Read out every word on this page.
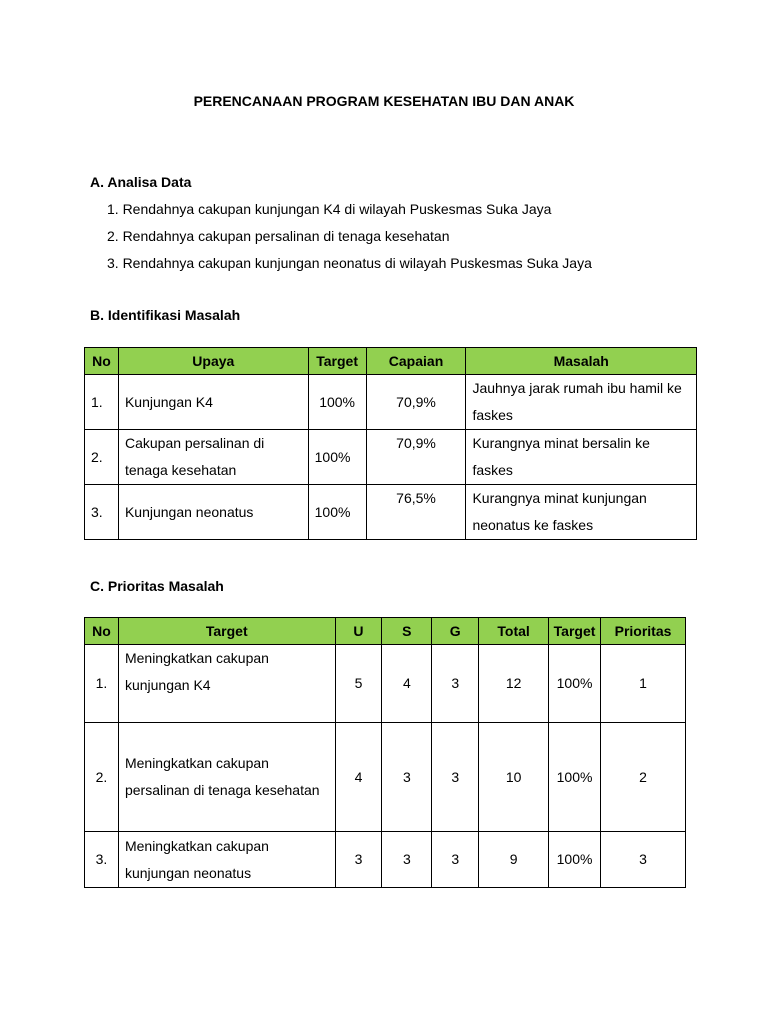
PERENCANAAN PROGRAM KESEHATAN IBU DAN ANAK
A. Analisa Data
1. Rendahnya cakupan kunjungan K4 di wilayah Puskesmas Suka Jaya
2. Rendahnya cakupan persalinan di tenaga kesehatan
3. Rendahnya cakupan kunjungan neonatus di wilayah Puskesmas Suka Jaya
B. Identifikasi Masalah
No	Upaya	Target	Capaian	Masalah
1.	Kunjungan K4	100%	70,9%	Jauhnya jarak rumah ibu hamil ke faskes
2.	Cakupan persalinan di tenaga kesehatan	100%	70,9%	Kurangnya minat bersalin ke faskes
3.	Kunjungan neonatus	100%	76,5%	Kurangnya minat kunjungan neonatus ke faskes
C. Prioritas Masalah
No	Target	U	S	G	Total	Target	Prioritas
1.	Meningkatkan cakupan kunjungan K4	5	4	3	12	100%	1
2.	Meningkatkan cakupan persalinan di tenaga kesehatan	4	3	3	10	100%	2
3.	Meningkatkan cakupan kunjungan neonatus	3	3	3	9	100%	3
